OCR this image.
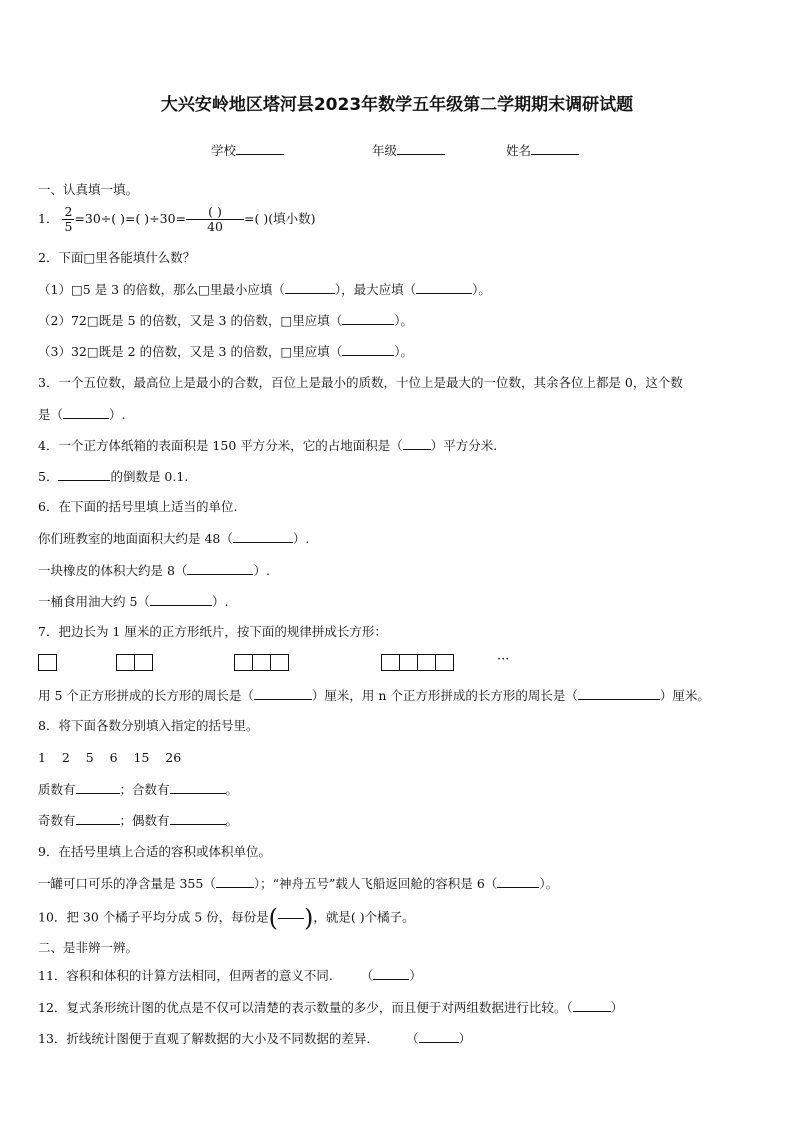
大兴安岭地区塔河县2023年数学五年级第二学期期末调研试题
学校	年级	姓名
一、认真填一填。
1． $\frac{2}{5} =30\div$( )=( )$\div 30= \frac{( )}{40}$ =( )(填小数)
2．下面□里各能填什么数？
（1）□5 是 3 的倍数，那么□里最小应填（	），最大应填（	）。
（2）72□既是 5 的倍数，又是 3 的倍数，□里应填（	）。
（3）32□既是 2 的倍数，又是 3 的倍数，□里应填（	）。
3．一个五位数，最高位上是最小的合数，百位上是最小的质数，十位上是最大的一位数，其余各位上都是 0，这个数
是（	）.
4．一个正方体纸箱的表面积是 150 平方分米，它的占地面积是（ ）平方分米.
5．	的倒数是 0.1.
6．在下面的括号里填上适当的单位.
你们班教室的地面面积大约是 48（	）.
一块橡皮的体积大约是 8（	）.
一桶食用油大约 5（	）.
7．把边长为 1 厘米的正方形纸片，按下面的规律拼成长方形：
···
用 5 个正方形拼成的长方形的周长是（	）厘米，用 n 个正方形拼成的长方形的周长是（	）厘米。
8．将下面各数分别填入指定的括号里。
1 2 5 6 15 26
质数有	；合数有	。
奇数有	；偶数有	。
9．在括号里填上合适的容积或体积单位。
一罐可口可乐的净含量是 355（	）；“神舟五号”载人飞船返回舱的容积是 6（	）。
10．把 30 个橘子平均分成 5 份，每份是( )，就是( )个橘子。
二、是非辨一辨。
11．容积和体积的计算方法相同，但两者的意义不同. （	）
12．复式条形统计图的优点是不仅可以清楚的表示数量的多少，而且便于对两组数据进行比较。（	）
13．折线统计图便于直观了解数据的大小及不同数据的差异.	（	）
